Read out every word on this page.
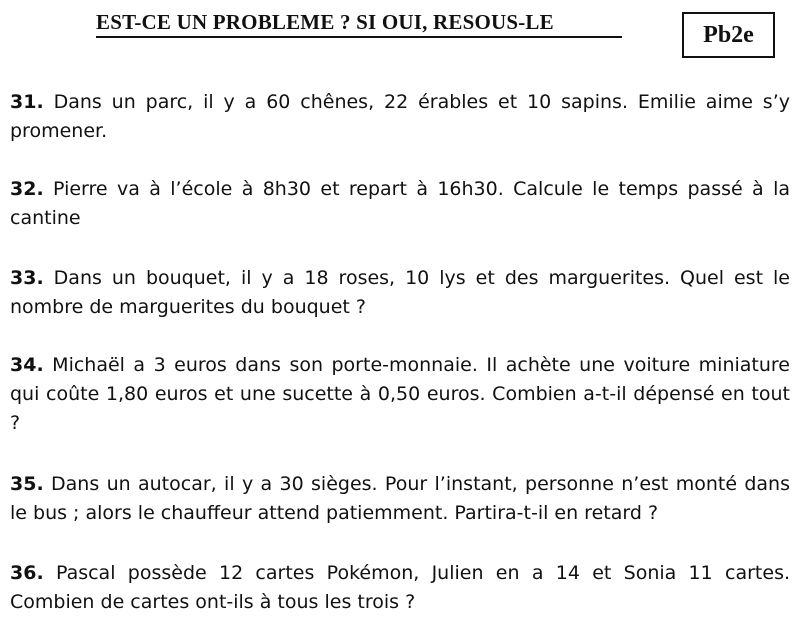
EST-CE UN PROBLEME ? SI OUI, RESOUS-LE	Pb2e
31. Dans un parc, il y a 60 chênes, 22 érables et 10 sapins. Emilie aime s’y promener.
32. Pierre va à l’école à 8h30 et repart à 16h30. Calcule le temps passé à la cantine
33. Dans un bouquet, il y a 18 roses, 10 lys et des marguerites. Quel est le nombre de marguerites du bouquet ?
34. Michaël a 3 euros dans son porte-monnaie. Il achète une voiture miniature qui coûte 1,80 euros et une sucette à 0,50 euros. Combien a-t-il dépensé en tout ?
35. Dans un autocar, il y a 30 sièges. Pour l’instant, personne n’est monté dans le bus ; alors le chauffeur attend patiemment. Partira-t-il en retard ?
36. Pascal possède 12 cartes Pokémon, Julien en a 14 et Sonia 11 cartes. Combien de cartes ont-ils à tous les trois ?
